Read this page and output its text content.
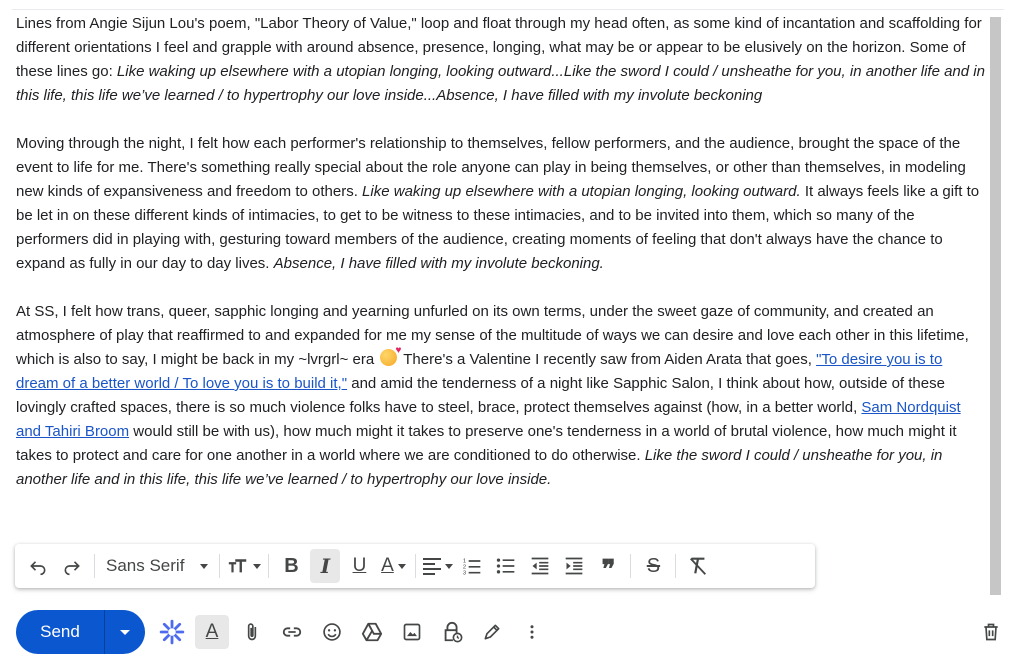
Lines from Angie Sijun Lou's poem, "Labor Theory of Value," loop and float through my head often, as some kind of incantation and scaffolding for different orientations I feel and grapple with around absence, presence, longing, what may be or appear to be elusively on the horizon. Some of these lines go: Like waking up elsewhere with a utopian longing, looking outward...Like the sword I could / unsheathe for you, in another life and in this life, this life we’ve learned / to hypertrophy our love inside...Absence, I have filled with my involute beckoning

Moving through the night, I felt how each performer's relationship to themselves, fellow performers, and the audience, brought the space of the event to life for me. There's something really special about the role anyone can play in being themselves, or other than themselves, in modeling new kinds of expansiveness and freedom to others. Like waking up elsewhere with a utopian longing, looking outward. It always feels like a gift to be let in on these different kinds of intimacies, to get to be witness to these intimacies, and to be invited into them, which so many of the performers did in playing with, gesturing toward members of the audience, creating moments of feeling that don't always have the chance to expand as fully in our day to day lives. Absence, I have filled with my involute beckoning.

At SS, I felt how trans, queer, sapphic longing and yearning unfurled on its own terms, under the sweet gaze of community, and created an atmosphere of play that reaffirmed to and expanded for me my sense of the multitude of ways we can desire and love each other in this lifetime, which is also to say, I might be back in my ~lvrgrl~ era ♥ There's a Valentine I recently saw from Aiden Arata that goes, "To desire you is to dream of a better world / To love you is to build it," and amid the tenderness of a night like Sapphic Salon, I think about how, outside of these lovingly crafted spaces, there is so much violence folks have to steel, brace, protect themselves against (how, in a better world, Sam Nordquist and Tahiri Broom would still be with us), how much might it takes to preserve one's tenderness in a world of brutal violence, how much might it takes to protect and care for one another in a world where we are conditioned to do otherwise. Like the sword I could / unsheathe for you, in another life and in this life, this life we’ve learned / to hypertrophy our love inside.

Sans Serif	B	I	U A	1
2
3	❞	S
Send	A
